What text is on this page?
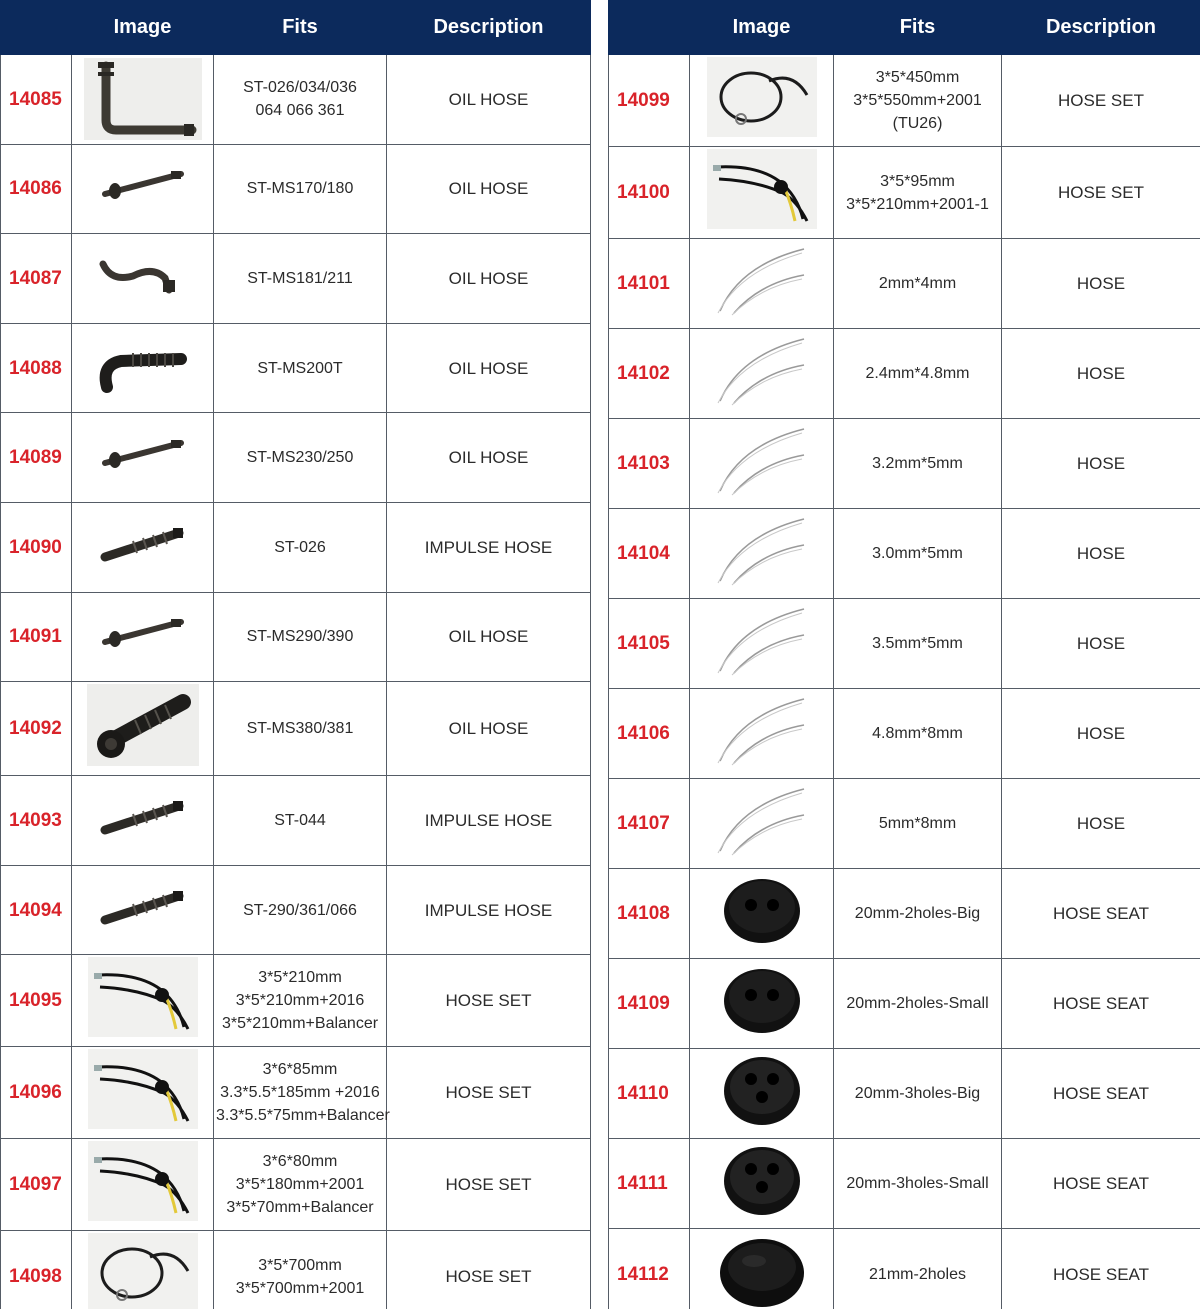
	Image	Fits	Description
14085		ST-026/034/036
064 066 361	OIL HOSE
14086		ST-MS170/180	OIL HOSE
14087		ST-MS181/211	OIL HOSE
14088		ST-MS200T	OIL HOSE
14089		ST-MS230/250	OIL HOSE
14090		ST-026	IMPULSE HOSE
14091		ST-MS290/390	OIL HOSE
14092		ST-MS380/381	OIL HOSE
14093		ST-044	IMPULSE HOSE
14094		ST-290/361/066	IMPULSE HOSE
14095		3*5*210mm
3*5*210mm+2016
3*5*210mm+Balancer	HOSE SET
14096		3*6*85mm
3.3*5.5*185mm +2016
3.3*5.5*75mm+Balancer	HOSE SET
14097		3*6*80mm
3*5*180mm+2001
3*5*70mm+Balancer	HOSE SET
14098		3*5*700mm
3*5*700mm+2001	HOSE SET
	Image	Fits	Description
14099		3*5*450mm
3*5*550mm+2001
(TU26)	HOSE SET
14100		3*5*95mm
3*5*210mm+2001-1	HOSE SET
14101		2mm*4mm	HOSE
14102		2.4mm*4.8mm	HOSE
14103		3.2mm*5mm	HOSE
14104		3.0mm*5mm	HOSE
14105		3.5mm*5mm	HOSE
14106		4.8mm*8mm	HOSE
14107		5mm*8mm	HOSE
14108		20mm-2holes-Big	HOSE SEAT
14109		20mm-2holes-Small	HOSE SEAT
14110		20mm-3holes-Big	HOSE SEAT
14111		20mm-3holes-Small	HOSE SEAT
14112		21mm-2holes	HOSE SEAT
